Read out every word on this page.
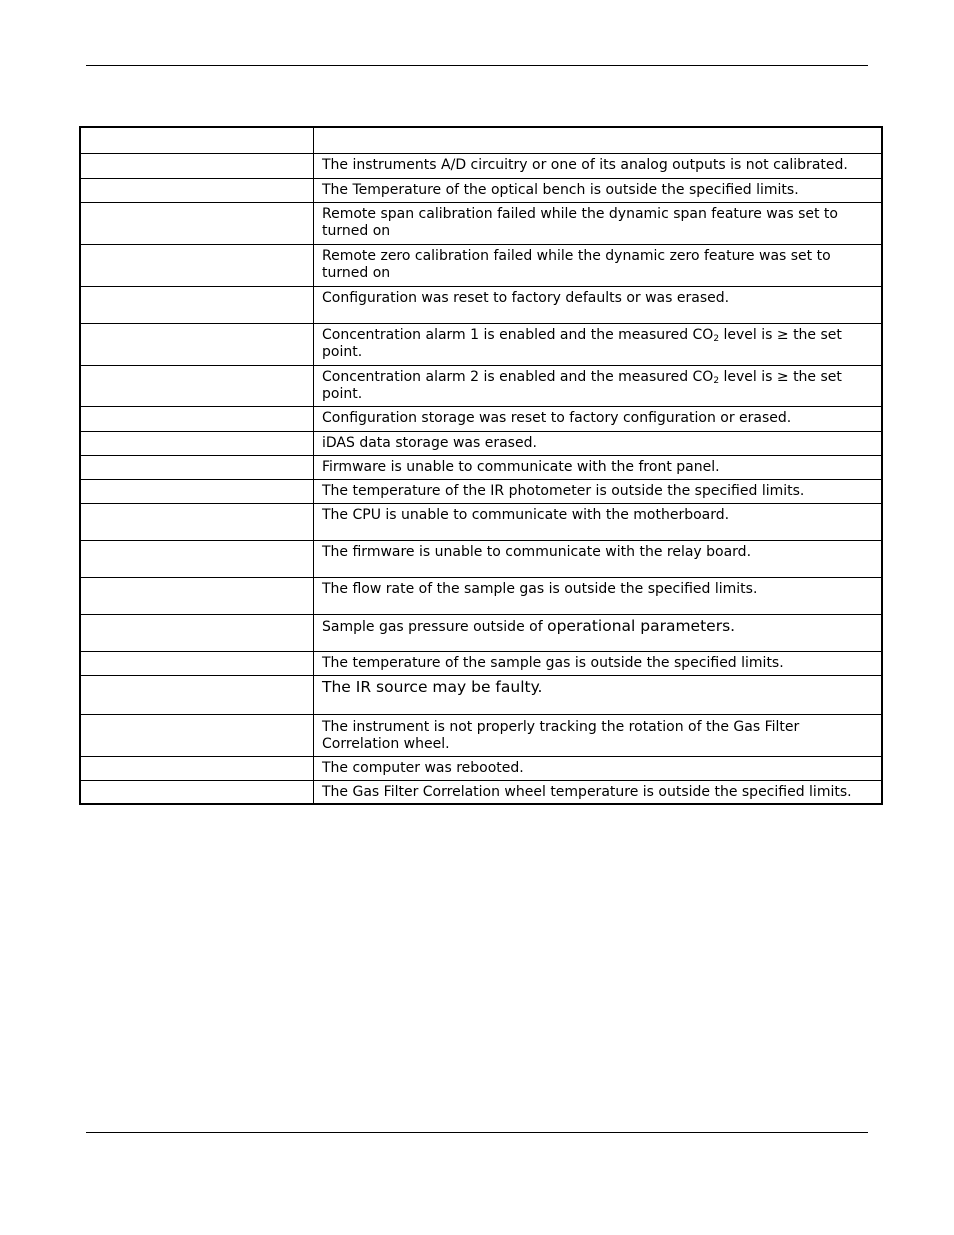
	The instruments A/D circuitry or one of its analog outputs is not calibrated.
	The Temperature of the optical bench is outside the specified limits.
	Remote span calibration failed while the dynamic span feature was set to turned on
	Remote zero calibration failed while the dynamic zero feature was set to turned on
	Configuration was reset to factory defaults or was erased.
	Concentration alarm 1 is enabled and the measured $CO_2$ level is ≥ the set point.
	Concentration alarm 2 is enabled and the measured $CO_2$ level is ≥ the set point.
	Configuration storage was reset to factory configuration or erased.
	iDAS data storage was erased.
	Firmware is unable to communicate with the front panel.
	The temperature of the IR photometer is outside the specified limits.
	The CPU is unable to communicate with the motherboard.
	The firmware is unable to communicate with the relay board.
	The flow rate of the sample gas is outside the specified limits.
	Sample gas pressure outside of operational parameters.
	The temperature of the sample gas is outside the specified limits.
	The IR source may be faulty.
	The instrument is not properly tracking the rotation of the Gas Filter Correlation wheel.
	The computer was rebooted.
	The Gas Filter Correlation wheel temperature is outside the specified limits.
